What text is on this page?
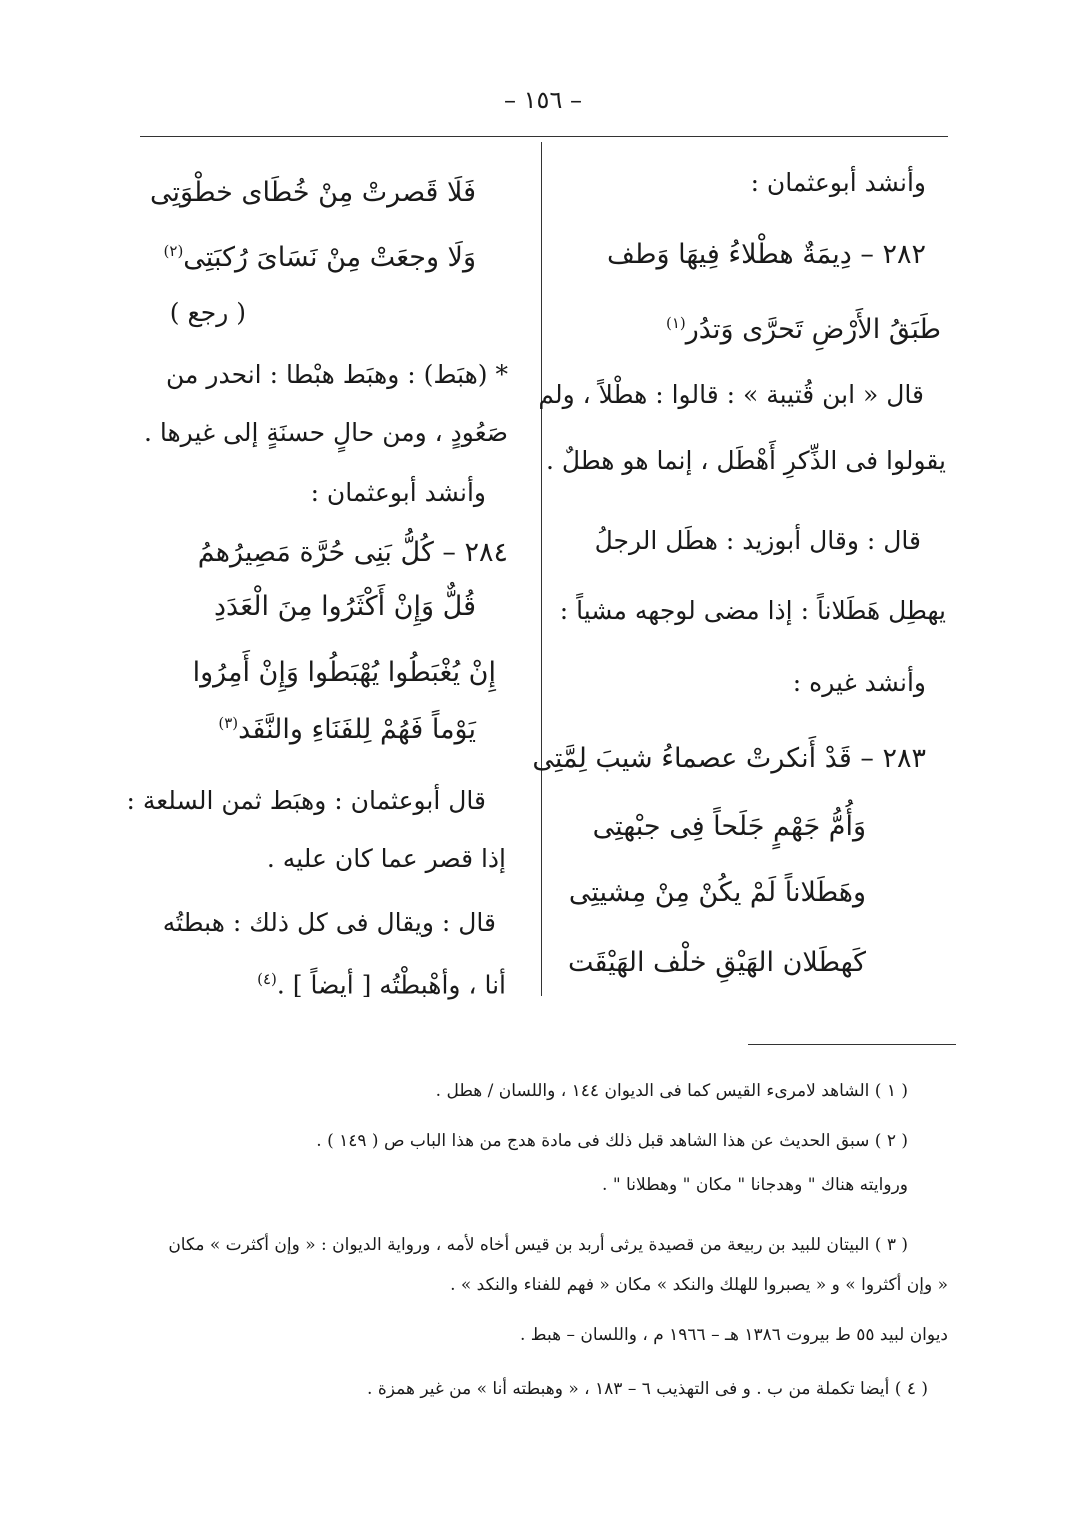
– ١٥٦ –
وأنشد أبوعثمان :
٢٨٢ – دِيمَةٌ هطْلاءُ فِيهَا وَطف
طَبَقُ الأَرْضِ تَحرَّى وَتدُر$^{(١)}$
قال « ابن قُتيبة » : قالوا : هطْلاً ، ولم
يقولوا فى الذِّكرِ أَهْطَل ، إنما هو هطلٌ .
قال : وقال أبوزيد : هطَل الرجلُ
يهطِل هَطَلاناً : إذا مضى لوجهه مشياً :
وأنشد غيره :
٢٨٣ – قَدْ أَنكرتْ عصماءُ شيبَ لِمَّتِى
وَأُمُّ جَهْمٍ جَلَحاً فِى جبْهتِى
وهَطَلاناً لَمْ يكُنْ مِنْ مِشيتِى
كَهطَلان الهَيْقِ خلْف الهَيْقَت
فَلَا قَصرتْ مِنْ خُطَاى خطْوَتِى
وَلَا وجعَتْ مِنْ نَسَاىَ رُكبَتِى$^{(٢)}$
( رجع )
* (هبَط) : وهبَط هبْطا : انحدر من
صَعُودٍ ، ومن حالٍ حسنَةٍ إلى غيرها .
وأنشد أبوعثمان :
٢٨٤ – كُلُّ بَنِى حُرَّة مَصِيرُهمُ
قُلٌّ وَإِنْ أَكْثَرُوا مِنَ الْعَدَدِ
إِنْ يُغْبَطُوا يُهْبَطُوا وَإِنْ أَمِرُوا
يَوْماً فَهُمْ لِلفَنَاءِ والنَّفَد$^{(٣)}$
قال أبوعثمان : وهبَط ثمن السلعة :
إذا قصر عما كان عليه .
قال : ويقال فى كل ذلك : هبطتُه
أنا ، وأهْبطْتُه [ أيضاً ] .$^{(٤)}$
( ١ ) الشاهد لامرىء القيس كما فى الديوان ١٤٤ ، واللسان / هطل .
( ٢ ) سبق الحديث عن هذا الشاهد قبل ذلك فى مادة هدج من هذا الباب ص ( ١٤٩ ) .
وروايته هناك " وهدجانا " مكان " وهطلانا " .
( ٣ ) البيتان للبيد بن ربيعة من قصيدة يرثى أربد بن قيس أخاه لأمه ، ورواية الديوان : « وإن أكثرت » مكان
« وإن أكثروا » و « يصبروا للهلك والنكد » مكان « فهم للفناء والنكد » .
ديوان لبيد ٥٥ ط بيروت ١٣٨٦ هـ – ١٩٦٦ م ، واللسان – هبط .
( ٤ ) أيضا تكملة من ب . و فى التهذيب ٦ – ١٨٣ ، « وهبطته أنا » من غير همزة .
